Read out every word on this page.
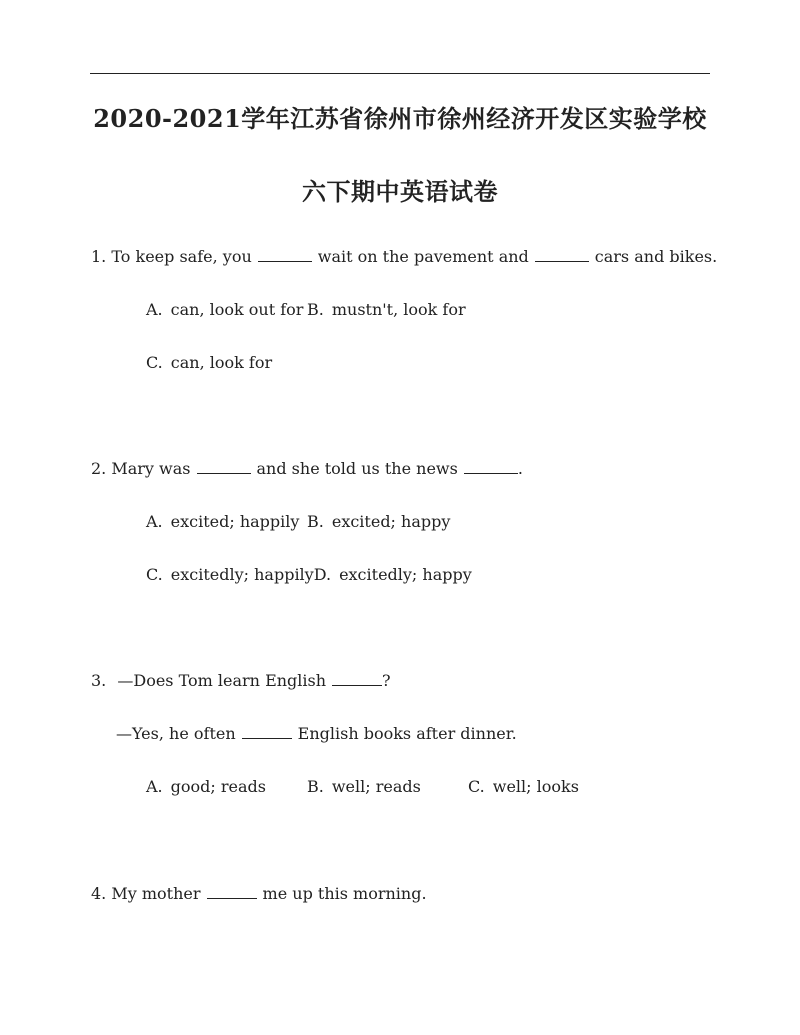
2020-2021学年江苏省徐州市徐州经济开发区实验学校
六下期中英语试卷
1. To keep safe, you	wait on the pavement and	cars and bikes.
A. can, look out for B. mustn't, look for
C. can, look for
2. Mary was	and she told us the news	.
A. excited; happily B. excited; happy
C. excitedly; happilyD. excitedly; happy
3. —Does Tom learn English	?
—Yes, he often	English books after dinner.
A. good; reads	B. well; reads	C. well; looks
4. My mother	me up this morning.
